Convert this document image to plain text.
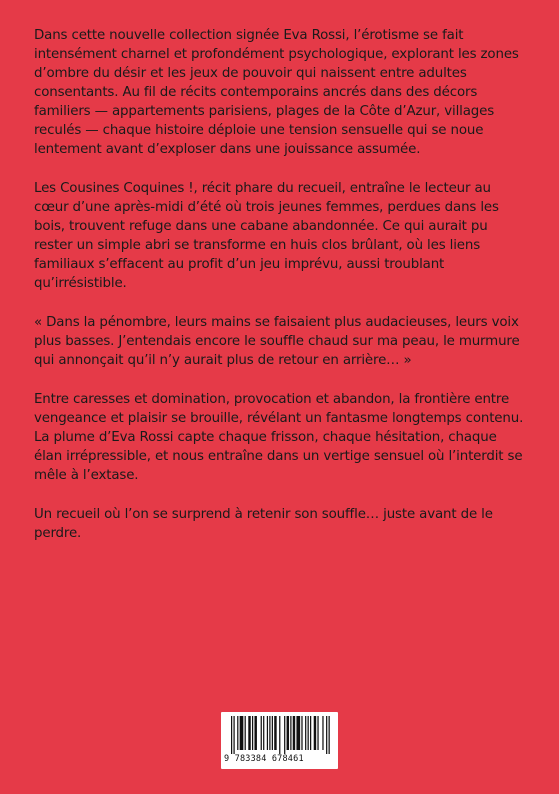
Dans cette nouvelle collection signée Eva Rossi, l’érotisme se fait intensément charnel et profondément psychologique, explorant les zones d’ombre du désir et les jeux de pouvoir qui naissent entre adultes consentants. Au fil de récits contemporains ancrés dans des décors familiers — appartements parisiens, plages de la Côte d’Azur, villages reculés — chaque histoire déploie une tension sensuelle qui se noue lentement avant d’exploser dans une jouissance assumée.

Les Cousines Coquines !, récit phare du recueil, entraîne le lecteur au cœur d’une après-midi d’été où trois jeunes femmes, perdues dans les bois, trouvent refuge dans une cabane abandonnée. Ce qui aurait pu rester un simple abri se transforme en huis clos brûlant, où les liens familiaux s’effacent au profit d’un jeu imprévu, aussi troublant qu’irrésistible.

« Dans la pénombre, leurs mains se faisaient plus audacieuses, leurs voix plus basses. J’entendais encore le souffle chaud sur ma peau, le murmure qui annonçait qu’il n’y aurait plus de retour en arrière… »

Entre caresses et domination, provocation et abandon, la frontière entre vengeance et plaisir se brouille, révélant un fantasme longtemps contenu. La plume d’Eva Rossi capte chaque frisson, chaque hésitation, chaque élan irrépressible, et nous entraîne dans un vertige sensuel où l’interdit se mêle à l’extase.

Un recueil où l’on se surprend à retenir son souffle… juste avant de le perdre.

9 783384 678461
